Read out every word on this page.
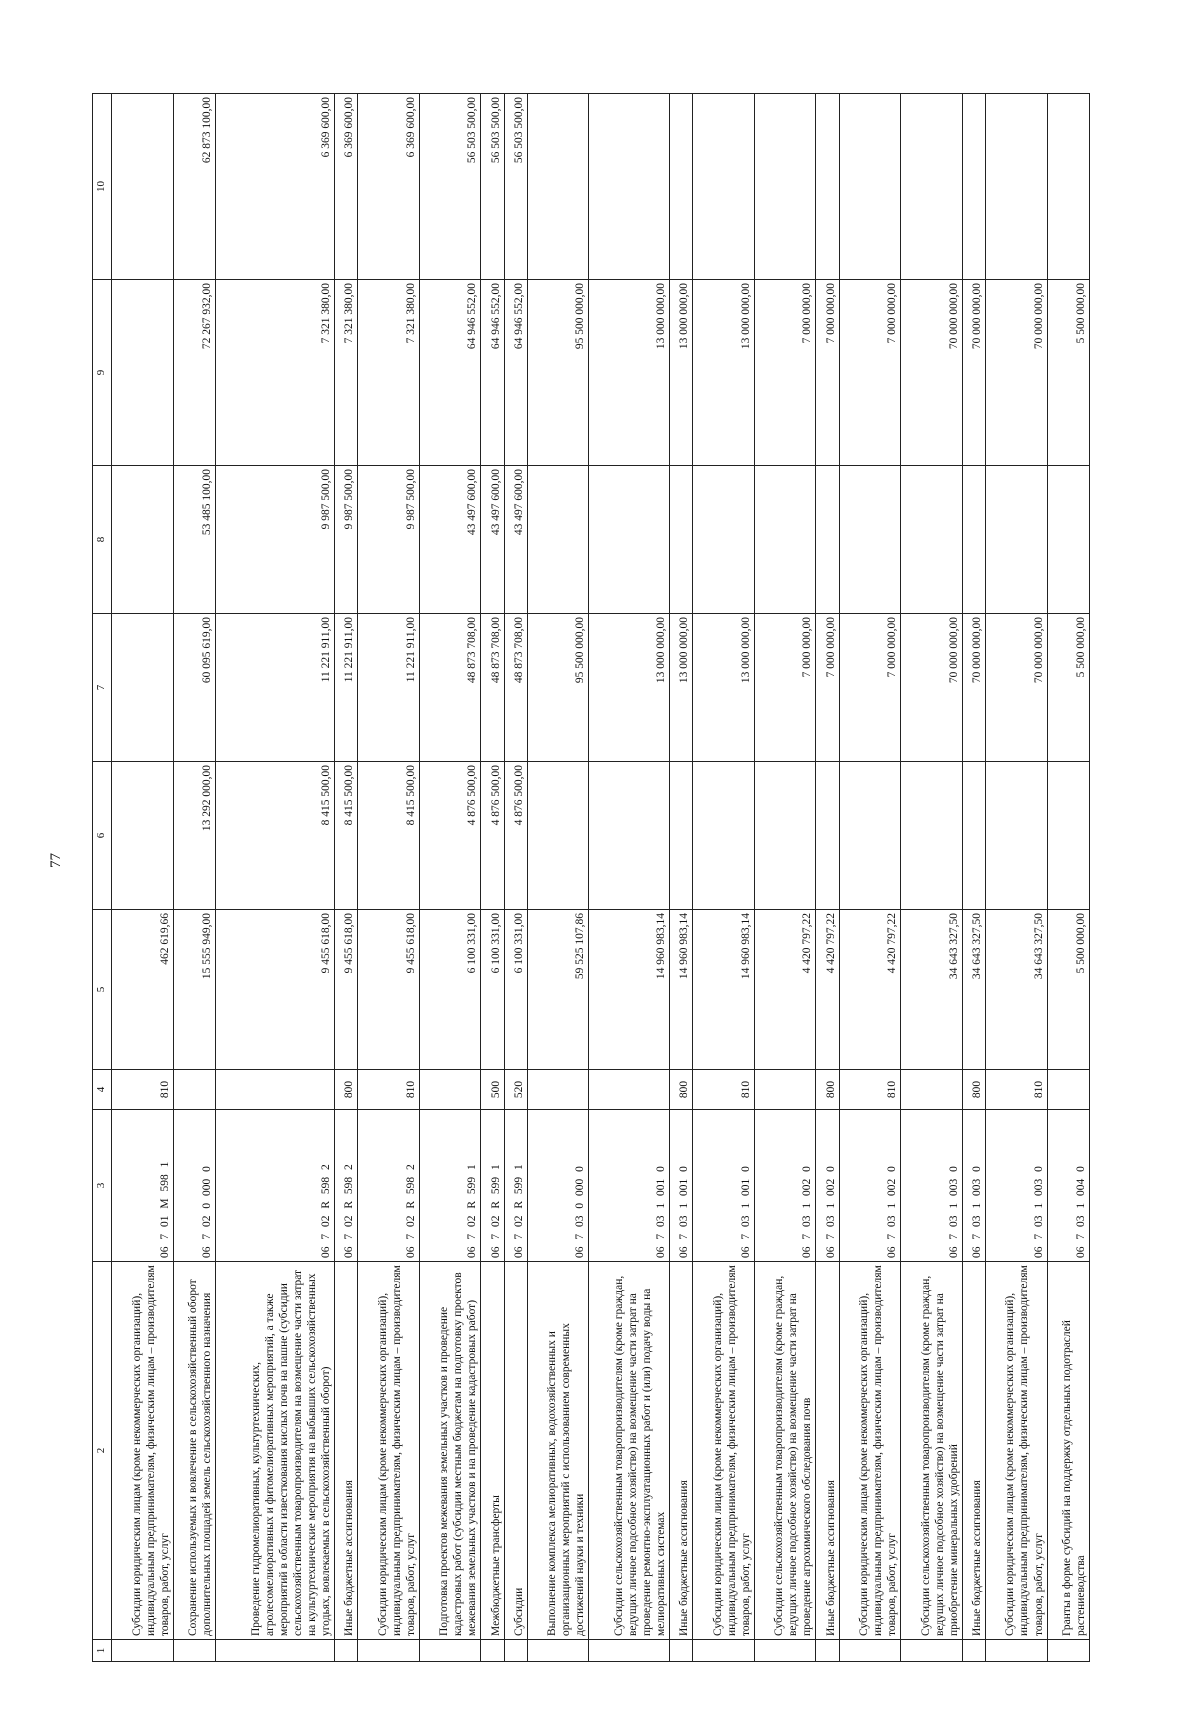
77
1	2	3	4	5	6	7	8	9	10
	Субсидии юридическим лицам (кроме некоммерческих организаций), индивидуальным предпринимателям, физическим лицам – производителям товаров, работ, услуг	06 7 01 M 598 1	810	462 619,66					
	Сохранение используемых и вовлечение в сельскохозяйственный оборот дополнительных площадей земель сельскохозяйственного назначения	06 7 02 0 000 0		15 555 949,00	13 292 000,00	60 095 619,00	53 485 100,00	72 267 932,00	62 873 100,00
	Проведение гидромелиоративных, культуртехнических, агролесомелиоративных и фитомелиоративных мероприятий, а также мероприятий в области известкования кислых почв на пашне (субсидии сельскохозяйственным товаропроизводителям на возмещение части затрат на культуртехнические мероприятия на выбывших сельскохозяйственных угодьях, вовлекаемых в сельскохозяйственный оборот)	06 7 02 R 598 2		9 455 618,00	8 415 500,00	11 221 911,00	9 987 500,00	7 321 380,00	6 369 600,00
	Иные бюджетные ассигнования	06 7 02 R 598 2	800	9 455 618,00	8 415 500,00	11 221 911,00	9 987 500,00	7 321 380,00	6 369 600,00
	Субсидии юридическим лицам (кроме некоммерческих организаций), индивидуальным предпринимателям, физическим лицам – производителям товаров, работ, услуг	06 7 02 R 598 2	810	9 455 618,00	8 415 500,00	11 221 911,00	9 987 500,00	7 321 380,00	6 369 600,00
	Подготовка проектов межевания земельных участков и проведение кадастровых работ (субсидии местным бюджетам на подготовку проектов межевания земельных участков и на проведение кадастровых работ)	06 7 02 R 599 1		6 100 331,00	4 876 500,00	48 873 708,00	43 497 600,00	64 946 552,00	56 503 500,00
	Межбюджетные трансферты	06 7 02 R 599 1	500	6 100 331,00	4 876 500,00	48 873 708,00	43 497 600,00	64 946 552,00	56 503 500,00
	Субсидии	06 7 02 R 599 1	520	6 100 331,00	4 876 500,00	48 873 708,00	43 497 600,00	64 946 552,00	56 503 500,00
	Выполнение комплекса мелиоративных, водохозяйственных и организационных мероприятий с использованием современных достижений науки и техники	06 7 03 0 000 0		59 525 107,86		95 500 000,00		95 500 000,00	
	Субсидии сельскохозяйственным товаропроизводителям (кроме граждан, ведущих личное подсобное хозяйство) на возмещение части затрат на проведение ремонтно-эксплуатационных работ и (или) подачу воды на мелиоративных системах	06 7 03 1 001 0		14 960 983,14		13 000 000,00		13 000 000,00	
	Иные бюджетные ассигнования	06 7 03 1 001 0	800	14 960 983,14		13 000 000,00		13 000 000,00	
	Субсидии юридическим лицам (кроме некоммерческих организаций), индивидуальным предпринимателям, физическим лицам – производителям товаров, работ, услуг	06 7 03 1 001 0	810	14 960 983,14		13 000 000,00		13 000 000,00	
	Субсидии сельскохозяйственным товаропроизводителям (кроме граждан, ведущих личное подсобное хозяйство) на возмещение части затрат на проведение агрохимического обследования почв	06 7 03 1 002 0		4 420 797,22		7 000 000,00		7 000 000,00	
	Иные бюджетные ассигнования	06 7 03 1 002 0	800	4 420 797,22		7 000 000,00		7 000 000,00	
	Субсидии юридическим лицам (кроме некоммерческих организаций), индивидуальным предпринимателям, физическим лицам – производителям товаров, работ, услуг	06 7 03 1 002 0	810	4 420 797,22		7 000 000,00		7 000 000,00	
	Субсидии сельскохозяйственным товаропроизводителям (кроме граждан, ведущих личное подсобное хозяйство) на возмещение части затрат на приобретение минеральных удобрений	06 7 03 1 003 0		34 643 327,50		70 000 000,00		70 000 000,00	
	Иные бюджетные ассигнования	06 7 03 1 003 0	800	34 643 327,50		70 000 000,00		70 000 000,00	
	Субсидии юридическим лицам (кроме некоммерческих организаций), индивидуальным предпринимателям, физическим лицам – производителям товаров, работ, услуг	06 7 03 1 003 0	810	34 643 327,50		70 000 000,00		70 000 000,00	
	Гранты в форме субсидий на поддержку отдельных подотраслей растениеводства	06 7 03 1 004 0		5 500 000,00		5 500 000,00		5 500 000,00	
